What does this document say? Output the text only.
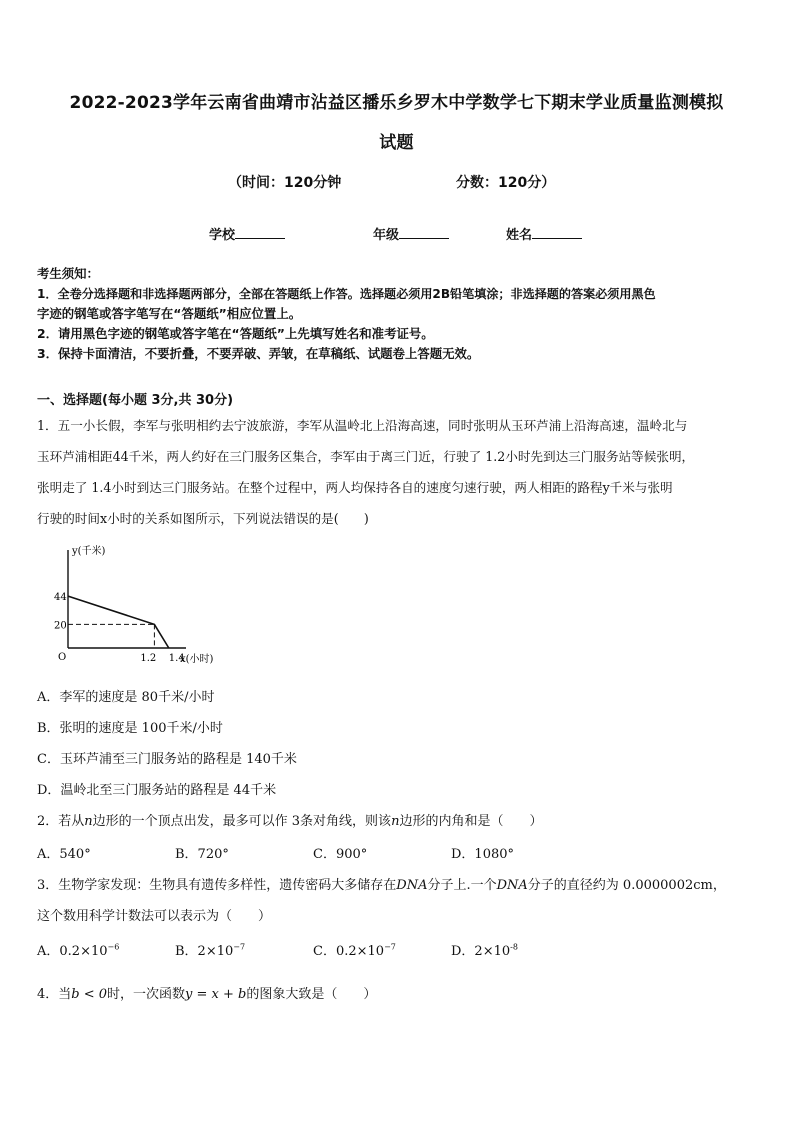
2022-2023学年云南省曲靖市沾益区播乐乡罗木中学数学七下期末学业质量监测模拟
试题
（时间：120分钟	分数：120分）
学校	年级	姓名
考生须知：
1．全卷分选择题和非选择题两部分，全部在答题纸上作答。选择题必须用2B铅笔填涂；非选择题的答案必须用黑色
字迹的钢笔或答字笔写在“答题纸”相应位置上。
2．请用黑色字迹的钢笔或答字笔在“答题纸”上先填写姓名和准考证号。
3．保持卡面清洁，不要折叠，不要弄破、弄皱，在草稿纸、试题卷上答题无效。
一、选择题(每小题 3分,共 30分)
1．五一小长假，李军与张明相约去宁波旅游，李军从温岭北上沿海高速，同时张明从玉环芦浦上沿海高速，温岭北与
玉环芦浦相距44千米，两人约好在三门服务区集合，李军由于离三门近，行驶了 1.2小时先到达三门服务站等候张明，
张明走了 1.4小时到达三门服务站。在整个过程中，两人均保持各自的速度匀速行驶，两人相距的路程y千米与张明
行驶的时间x小时的关系如图所示，下列说法错误的是(　　)
y(千米)
x(小时)
O
44
20
1.2 1.4
A．李军的速度是 80千米/小时
B．张明的速度是 100千米/小时
C．玉环芦浦至三门服务站的路程是 140千米
D．温岭北至三门服务站的路程是 44千米
2．若从n边形的一个顶点出发，最多可以作 3条对角线，则该n边形的内角和是（　　）
A．540°	B．720°	C．900°	D．1080°
3．生物学家发现：生物具有遗传多样性，遗传密码大多储存在DNA分子上.一个DNA分子的直径约为 0.0000002cm，
这个数用科学计数法可以表示为（　　）
A．$0.2\times 10^{-6}$	B．$2\times 10^{-7}$	C．$0.2\times 10^{-7}$	D．$2\times 10^{-8}$
4．当b < 0时，一次函数y = x + b的图象大致是（　　）
